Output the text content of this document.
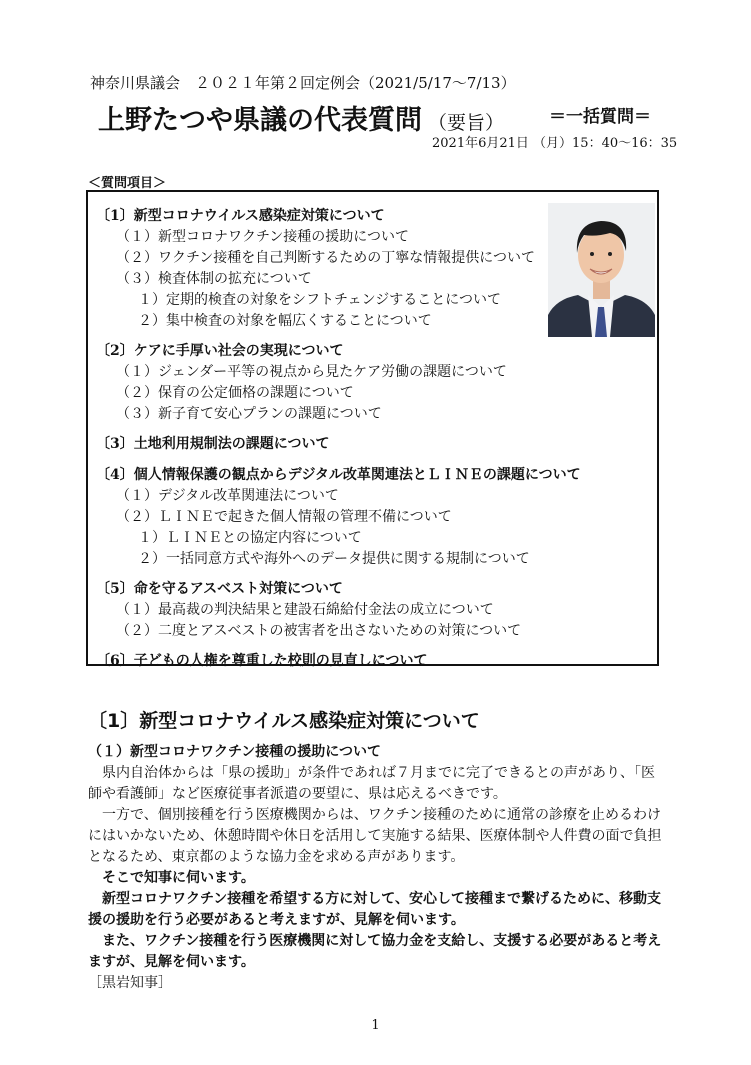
神奈川県議会　２０２１年第２回定例会（2021/5/17～7/13）
上野たつや県議の代表質問 （要旨）	＝一括質問＝
2021年6月21日 （月）15：40～16：35
＜質問項目＞
〔1〕新型コロナウイルス感染症対策について
（１）新型コロナワクチン接種の援助について
（２）ワクチン接種を自己判断するための丁寧な情報提供について
（３）検査体制の拡充について
１）定期的検査の対象をシフトチェンジすることについて
２）集中検査の対象を幅広くすることについて
〔2〕ケアに手厚い社会の実現について
（１）ジェンダー平等の視点から見たケア労働の課題について
（２）保育の公定価格の課題について
（３）新子育て安心プランの課題について
〔3〕土地利用規制法の課題について
〔4〕個人情報保護の観点からデジタル改革関連法とＬＩＮＥの課題について
（１）デジタル改革関連法について
（２）ＬＩＮＥで起きた個人情報の管理不備について
１）ＬＩＮＥとの協定内容について
２）一括同意方式や海外へのデータ提供に関する規制について
〔5〕命を守るアスベスト対策について
（１）最高裁の判決結果と建設石綿給付金法の成立について
（２）二度とアスベストの被害者を出さないための対策について
〔6〕子どもの人権を尊重した校則の見直しについて
〔1〕新型コロナウイルス感染症対策について
（１）新型コロナワクチン接種の援助について
　県内自治体からは「県の援助」が条件であれば７月までに完了できるとの声があり、「医師や看護師」など医療従事者派遣の要望に、県は応えるべきです。
　一方で、個別接種を行う医療機関からは、ワクチン接種のために通常の診療を止めるわけにはいかないため、休憩時間や休日を活用して実施する結果、医療体制や人件費の面で負担となるため、東京都のような協力金を求める声があります。
　そこで知事に伺います。
　新型コロナワクチン接種を希望する方に対して、安心して接種まで繋げるために、移動支援の援助を行う必要があると考えますが、見解を伺います。
　また、ワクチン接種を行う医療機関に対して協力金を支給し、支援する必要があると考えますが、見解を伺います。
［黒岩知事］
1
